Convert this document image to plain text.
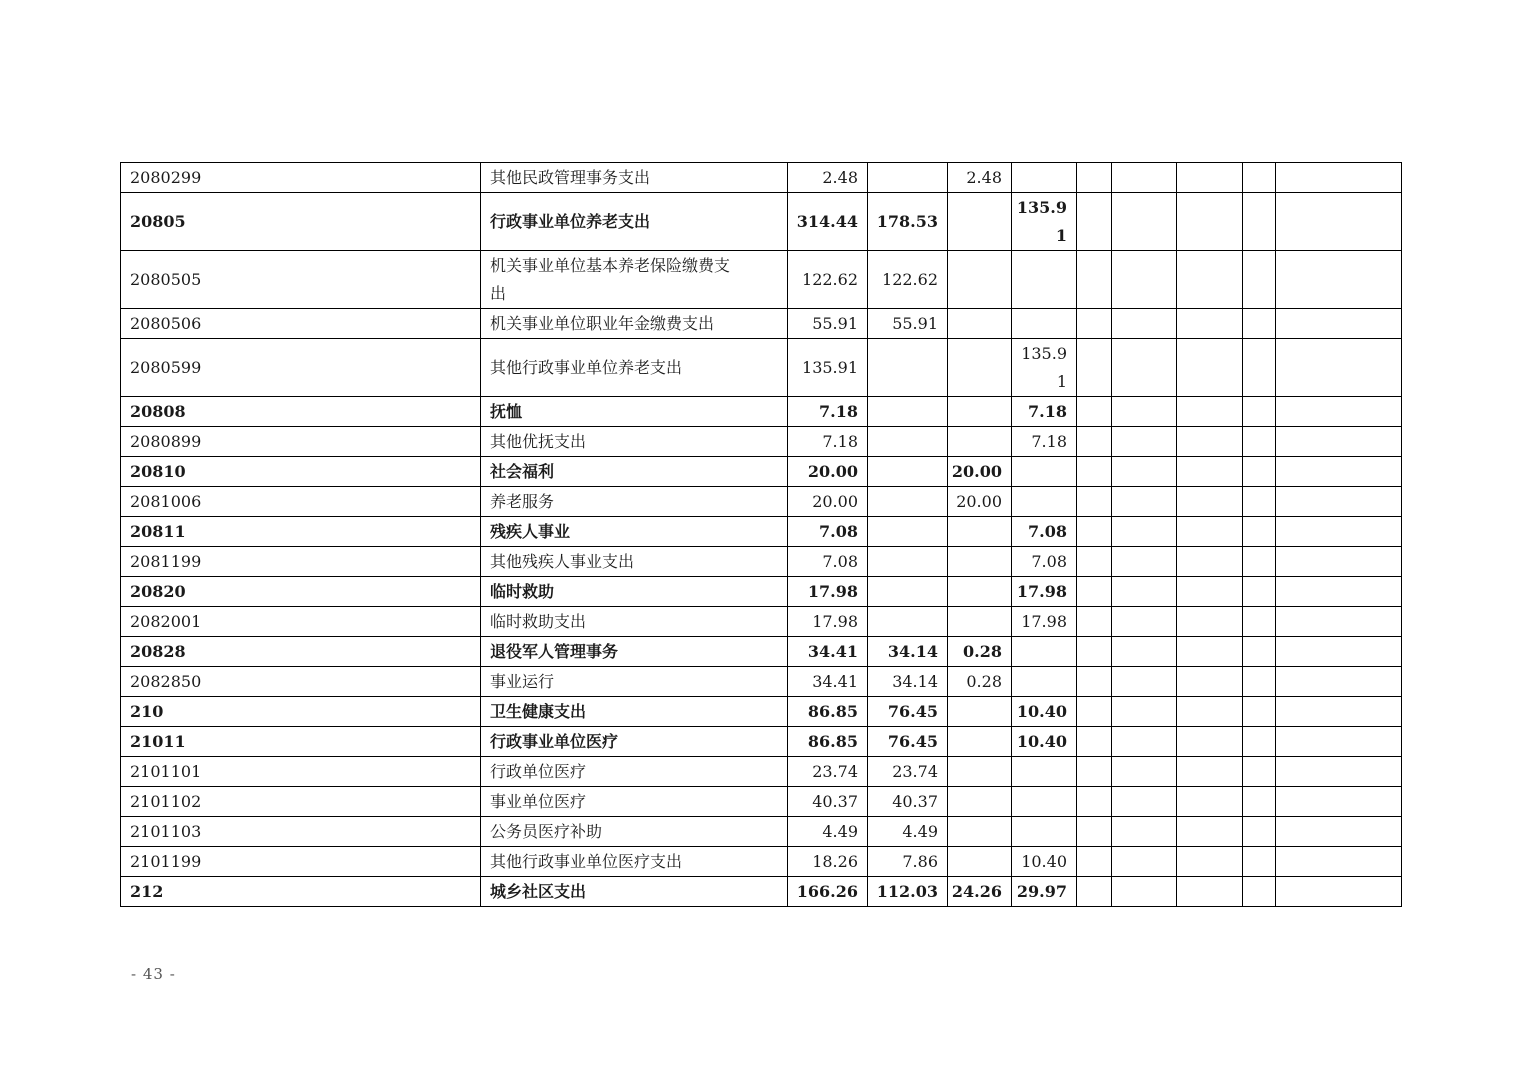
2080299	其他民政管理事务支出	2.48		2.48						
20805	行政事业单位养老支出	314.44	178.53		135.9
1					
2080505	机关事业单位基本养老保险缴费支
出	122.62	122.62							
2080506	机关事业单位职业年金缴费支出	55.91	55.91							
2080599	其他行政事业单位养老支出	135.91			135.9
1					
20808	抚恤	7.18			7.18					
2080899	其他优抚支出	7.18			7.18					
20810	社会福利	20.00		20.00						
2081006	养老服务	20.00		20.00						
20811	残疾人事业	7.08			7.08					
2081199	其他残疾人事业支出	7.08			7.08					
20820	临时救助	17.98			17.98					
2082001	临时救助支出	17.98			17.98					
20828	退役军人管理事务	34.41	34.14	0.28						
2082850	事业运行	34.41	34.14	0.28						
210	卫生健康支出	86.85	76.45		10.40					
21011	行政事业单位医疗	86.85	76.45		10.40					
2101101	行政单位医疗	23.74	23.74							
2101102	事业单位医疗	40.37	40.37							
2101103	公务员医疗补助	4.49	4.49							
2101199	其他行政事业单位医疗支出	18.26	7.86		10.40					
212	城乡社区支出	166.26	112.03	24.26	29.97					
- 43 -
